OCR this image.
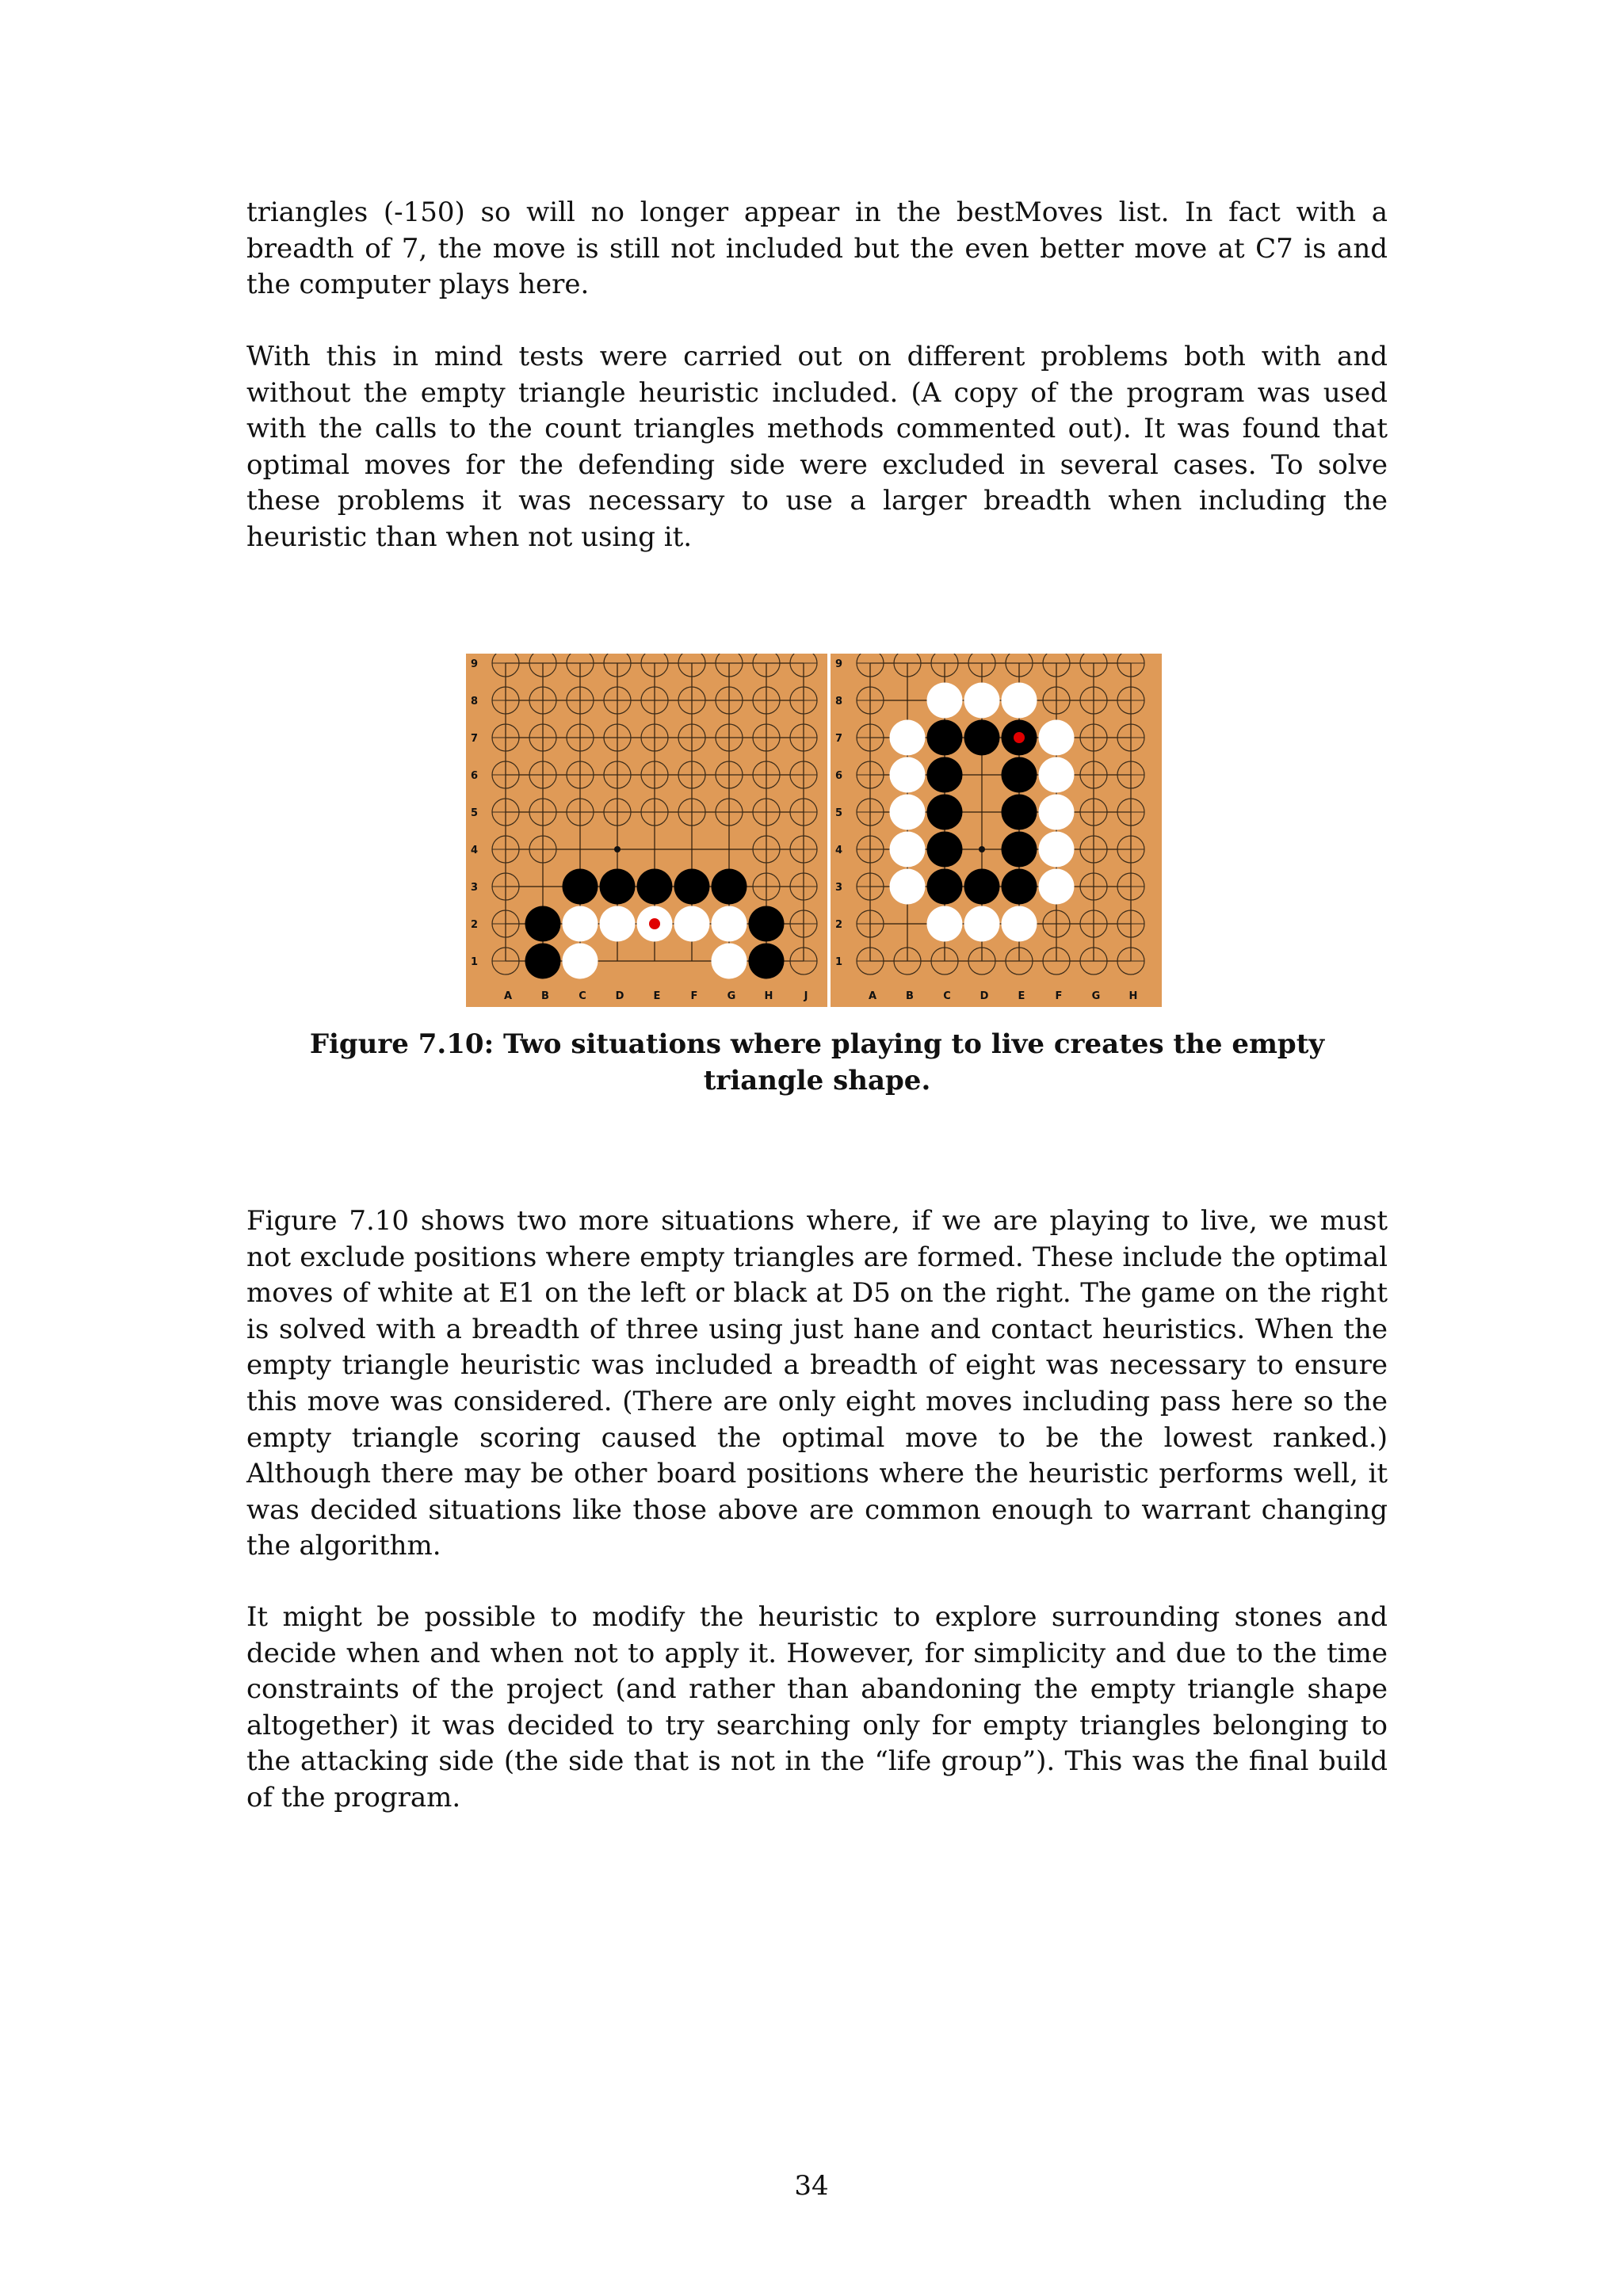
triangles (-150) so will no longer appear in the bestMoves list. In fact with a breadth of 7, the move is still not included but the even better move at C7 is and the computer plays here.

With this in mind tests were carried out on different problems both with and without the empty triangle heuristic included. (A copy of the program was used with the calls to the count triangles methods commented out). It was found that optimal moves for the defending side were excluded in several cases. To solve these problems it was necessary to use a larger breadth when including the heuristic than when not using it.

9
8
7
6
5
4
3
2
1
A	B	C	D	E	F	G	H	J
9
8
7
6
5
4
3
2
1
A	B	C	D	E	F	G	H
Figure 7.10: Two situations where playing to live creates the empty
triangle shape.

Figure 7.10 shows two more situations where, if we are playing to live, we must not exclude positions where empty triangles are formed. These include the optimal moves of white at E1 on the left or black at D5 on the right. The game on the right is solved with a breadth of three using just hane and contact heuristics. When the empty triangle heuristic was included a breadth of eight was necessary to ensure this move was considered. (There are only eight moves including pass here so the empty triangle scoring caused the optimal move to be the lowest ranked.) Although there may be other board positions where the heuristic performs well, it was decided situations like those above are common enough to warrant changing the algorithm.

It might be possible to modify the heuristic to explore surrounding stones and decide when and when not to apply it. However, for simplicity and due to the time constraints of the project (and rather than abandoning the empty triangle shape altogether) it was decided to try searching only for empty triangles belonging to the attacking side (the side that is not in the “life group”). This was the final build of the program.

34
